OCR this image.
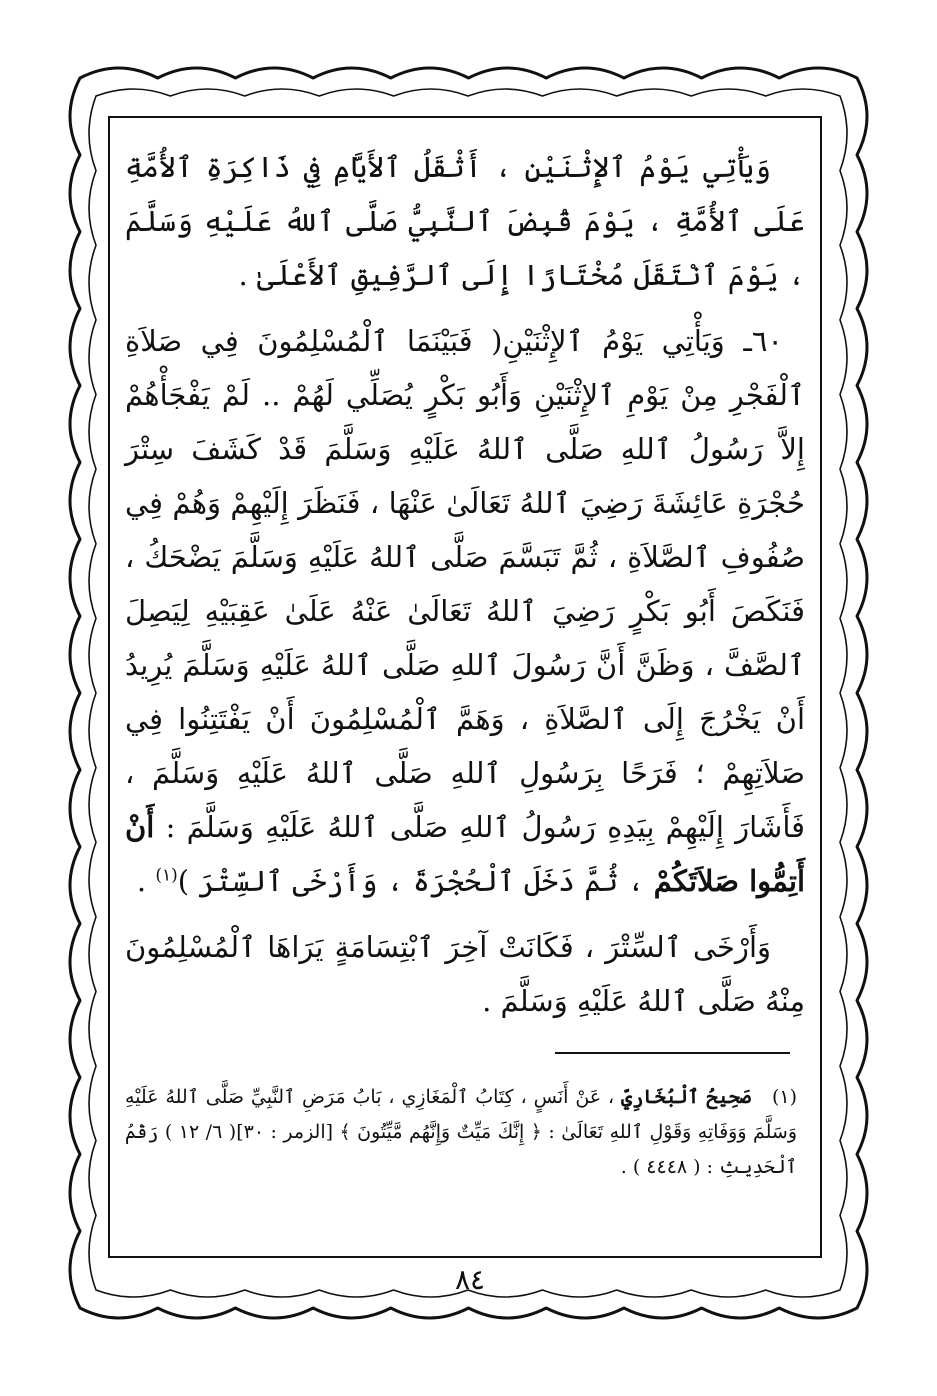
وَيَأْتِي يَوْمُ ٱلإِثْنَيْنِ ، أَثْقَلُ ٱلأَيَّامِ فِي ذَاكِرَةِ ٱلأُمَّةِ عَلَى ٱلأُمَّةِ ، يَوْمَ قُبِضَ ٱلنَّبِيُّ صَلَّى ٱللهُ عَلَيْهِ وَسَلَّمَ ، يَوْمَ ٱنْتَقَلَ مُخْتَارًا إِلَى ٱلرَّفِيقِ ٱلأَعْلَىٰ .

٦٠ـ وَيَأْتِي يَوْمُ ٱلإِثْنَيْنِ( فَبَيْنَمَا ٱلْمُسْلِمُونَ فِي صَلاَةِ ٱلْفَجْرِ مِنْ يَوْمِ ٱلإِثْنَيْنِ وَأَبُو بَكْرٍ يُصَلِّي لَهُمْ .. لَمْ يَفْجَأْهُمْ إِلاَّ رَسُولُ ٱللهِ صَلَّى ٱللهُ عَلَيْهِ وَسَلَّمَ قَدْ كَشَفَ سِتْرَ حُجْرَةِ عَائِشَةَ رَضِيَ ٱللهُ تَعَالَىٰ عَنْهَا ، فَنَظَرَ إِلَيْهِمْ وَهُمْ فِي صُفُوفِ ٱلصَّلاَةِ ، ثُمَّ تَبَسَّمَ صَلَّى ٱللهُ عَلَيْهِ وَسَلَّمَ يَضْحَكُ ، فَنَكَصَ أَبُو بَكْرٍ رَضِيَ ٱللهُ تَعَالَىٰ عَنْهُ عَلَىٰ عَقِبَيْهِ لِيَصِلَ ٱلصَّفَّ ، وَظَنَّ أَنَّ رَسُولَ ٱللهِ صَلَّى ٱللهُ عَلَيْهِ وَسَلَّمَ يُرِيدُ أَنْ يَخْرُجَ إِلَى ٱلصَّلاَةِ ، وَهَمَّ ٱلْمُسْلِمُونَ أَنْ يَفْتَتِنُوا فِي صَلاَتِهِمْ ؛ فَرَحًا بِرَسُولِ ٱللهِ صَلَّى ٱللهُ عَلَيْهِ وَسَلَّمَ ، فَأَشَارَ إِلَيْهِمْ بِيَدِهِ رَسُولُ ٱللهِ صَلَّى ٱللهُ عَلَيْهِ وَسَلَّمَ : أَنْ أَتِمُّوا صَلاَتَكُمْ ، ثُمَّ دَخَلَ ٱلْحُجْرَةَ ، وَأَرْخَى ٱلسِّتْرَ )$^{(١)}$ .

وَأَرْخَى ٱلسِّتْرَ ، فَكَانَتْ آخِرَ ٱبْتِسَامَةٍ يَرَاهَا ٱلْمُسْلِمُونَ مِنْهُ صَلَّى ٱللهُ عَلَيْهِ وَسَلَّمَ .

(١)صَحِيحُ ٱلْبُخَارِيِّ ، عَنْ أَنَسٍ ، كِتَابُ ٱلْمَغَازِي ، بَابُ مَرَضِ ٱلنَّبِيِّ صَلَّى ٱللهُ عَلَيْهِ وَسَلَّمَ وَوَفَاتِهِ وَقَوْلِ ٱللهِ تَعَالَىٰ : ﴿ إِنَّكَ مَيِّتٌ وَإِنَّهُم مَّيِّتُونَ ﴾ [الزمر : ٣٠]( ٦/ ١٢ ) رَقْمُ ٱلْحَدِيثِ : ( ٤٤٤٨ ) .
٨٤
